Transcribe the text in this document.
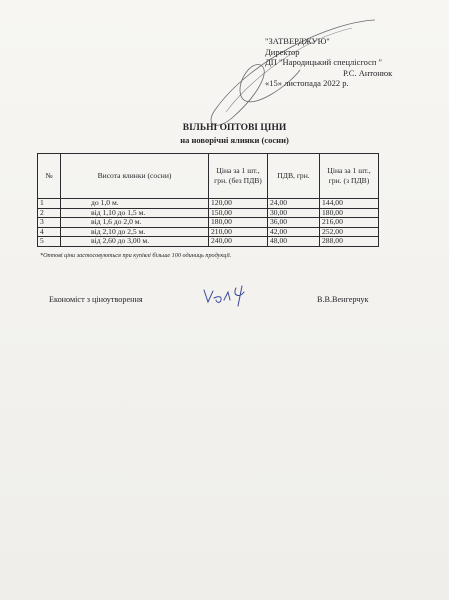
"ЗАТВЕРДЖУЮ"
Директор
ДП "Народицький спецлісгосп "
Р.С. Антонюк
«15» листопада 2022 р.
ВІЛЬНІ ОПТОВІ ЦІНИ
на новорічні ялинки (сосни)
№	Висота ялинки (сосни)	Ціна за 1 шт., грн. (без ПДВ)	ПДВ, грн.	Ціна за 1 шт., грн. (з ПДВ)
1	до 1,0 м.	120,00	24,00	144,00
2	від 1,10 до 1,5 м.	150,00	30,00	180,00
3	від 1,6 до 2,0 м.	180,00	36,00	216,00
4	від 2,10 до 2,5 м.	210,00	42,00	252,00
5	від 2,60 до 3,00 м.	240,00	48,00	288,00
*Оптові ціни застосовуються при купівлі більше 100 одиниць продукції.
Економіст з ціноутворення	В.В.Венгерчук
